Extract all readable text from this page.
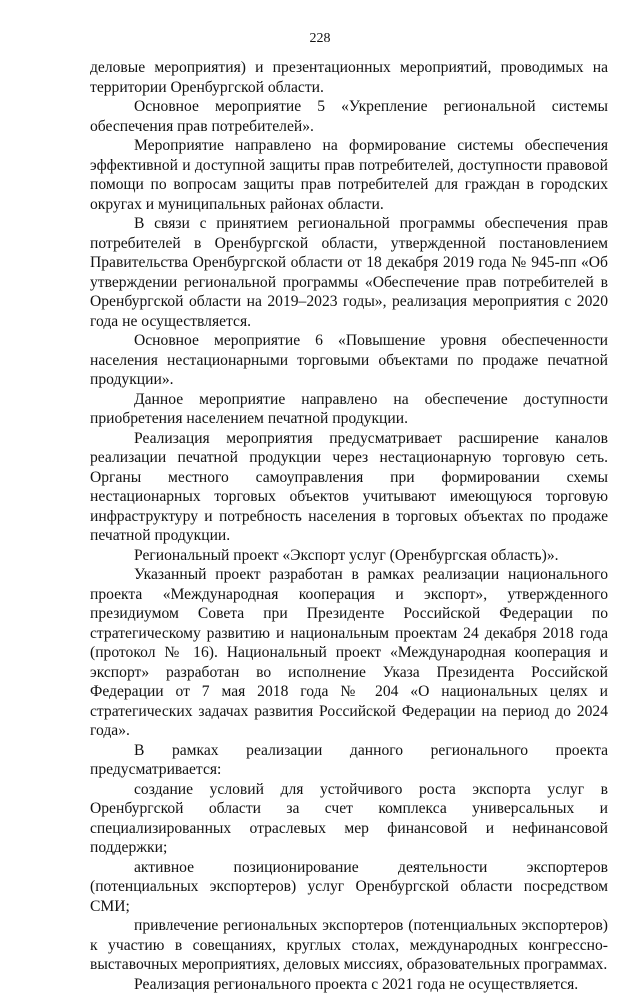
228

деловые мероприятия) и презентационных мероприятий, проводимых на территории Оренбургской области.

Основное мероприятие 5 «Укрепление региональной системы обеспечения прав потребителей».

Мероприятие направлено на формирование системы обеспечения эффективной и доступной защиты прав потребителей, доступности правовой помощи по вопросам защиты прав потребителей для граждан в городских округах и муниципальных районах области.

В связи с принятием региональной программы обеспечения прав потребителей в Оренбургской области, утвержденной постановлением Правительства Оренбургской области от 18 декабря 2019 года № 945-пп «Об утверждении региональной программы «Обеспечение прав потребителей в Оренбургской области на 2019–2023 годы», реализация мероприятия с 2020 года не осуществляется.

Основное мероприятие 6 «Повышение уровня обеспеченности населения нестационарными торговыми объектами по продаже печатной продукции».

Данное мероприятие направлено на обеспечение доступности приобретения населением печатной продукции.

Реализация мероприятия предусматривает расширение каналов реализации печатной продукции через нестационарную торговую сеть. Органы местного самоуправления при формировании схемы нестационарных торговых объектов учитывают имеющуюся торговую инфраструктуру и потребность населения в торговых объектах по продаже печатной продукции.

Региональный проект «Экспорт услуг (Оренбургская область)».

Указанный проект разработан в рамках реализации национального проекта «Международная кооперация и экспорт», утвержденного президиумом Совета при Президенте Российской Федерации по стратегическому развитию и национальным проектам 24 декабря 2018 года (протокол № 16). Национальный проект «Международная кооперация и экспорт» разработан во исполнение Указа Президента Российской Федерации от 7 мая 2018 года № 204 «О национальных целях и стратегических задачах развития Российской Федерации на период до 2024 года».

В рамках реализации данного регионального проекта предусматривается:

создание условий для устойчивого роста экспорта услуг в Оренбургской области за счет комплекса универсальных и специализированных отраслевых мер финансовой и нефинансовой поддержки;

активное позиционирование деятельности экспортеров (потенциальных экспортеров) услуг Оренбургской области посредством СМИ;

привлечение региональных экспортеров (потенциальных экспортеров) к участию в совещаниях, круглых столах, международных конгрессно-выставочных мероприятиях, деловых миссиях, образовательных программах.

Реализация регионального проекта с 2021 года не осуществляется.
